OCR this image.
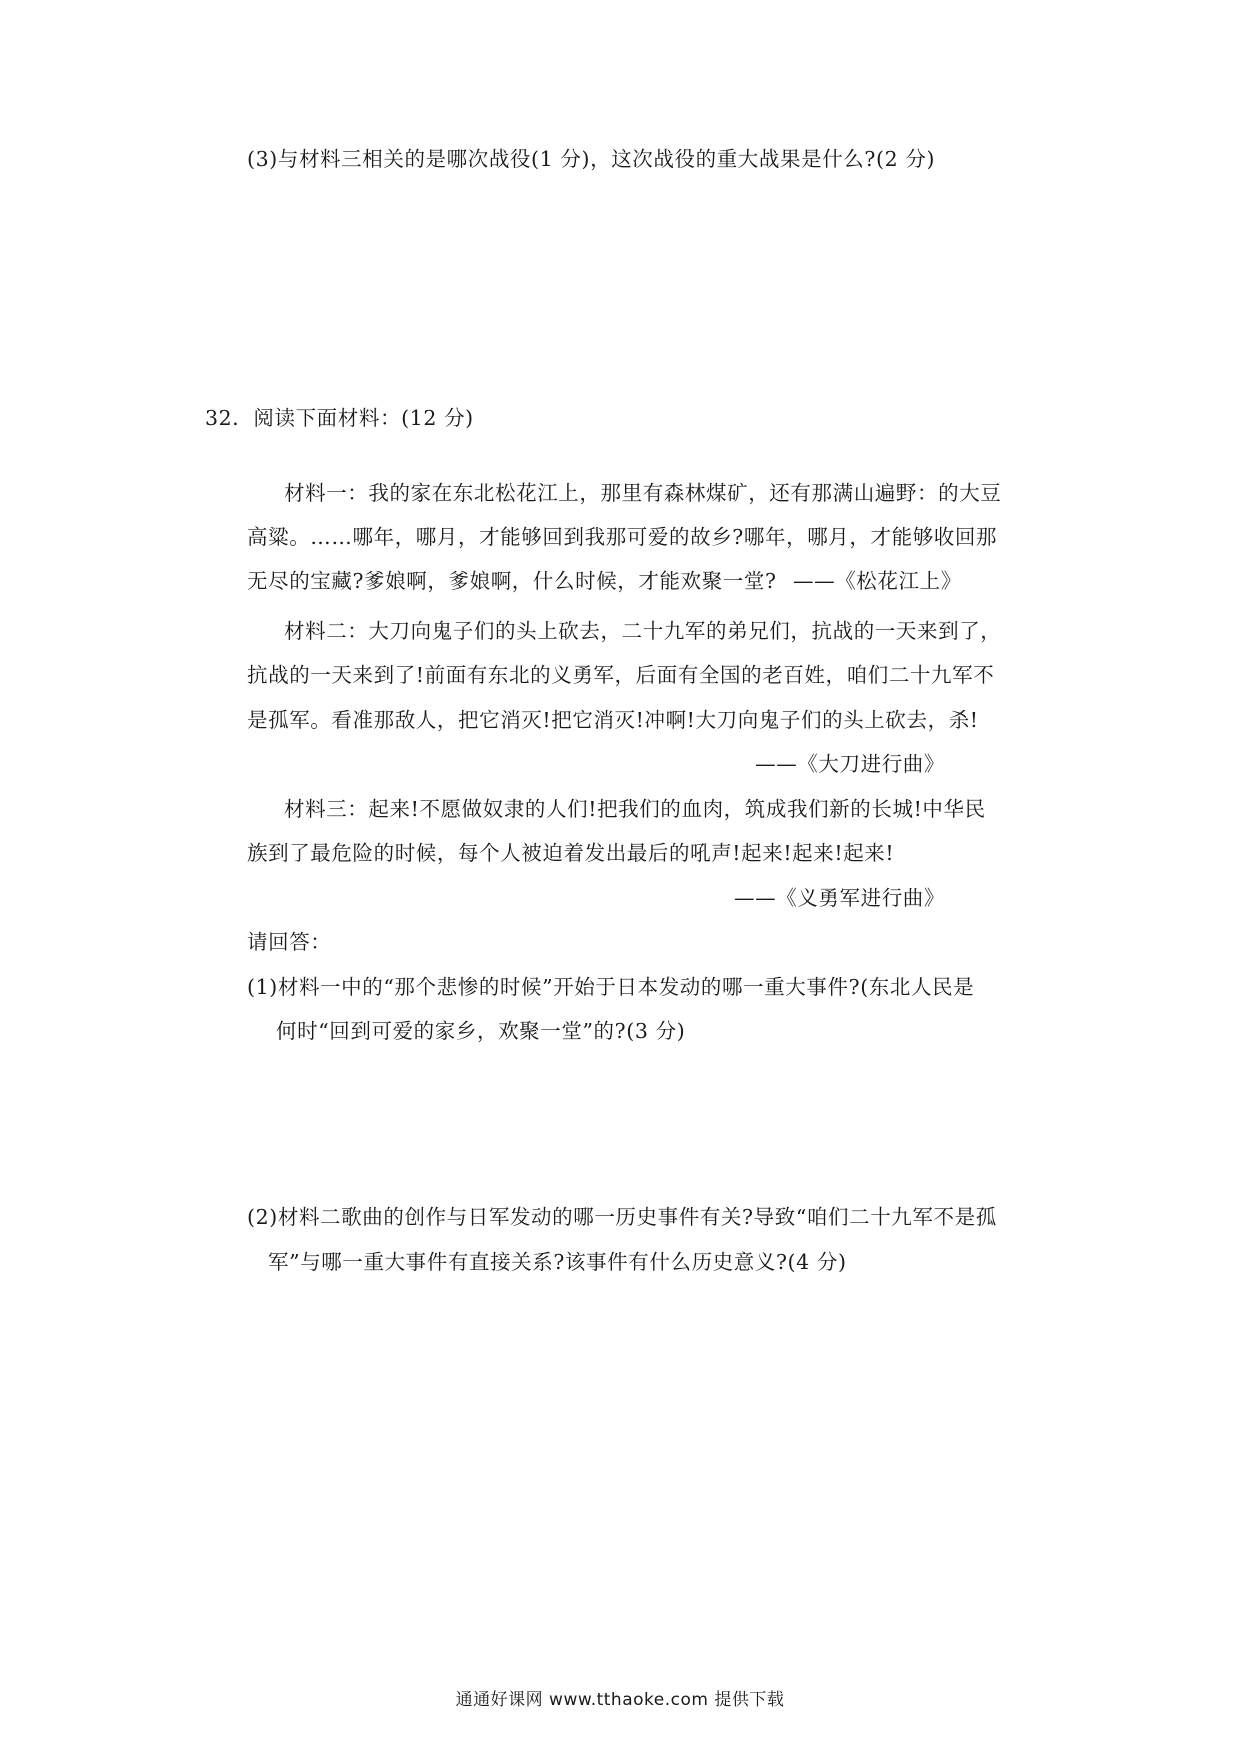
(3)与材料三相关的是哪次战役(1 分)，这次战役的重大战果是什么?(2 分)
32．阅读下面材料：(12 分)
材料一：我的家在东北松花江上，那里有森林煤矿，还有那满山遍野：的大豆
高粱。……哪年，哪月，才能够回到我那可爱的故乡?哪年，哪月，才能够收回那
无尽的宝藏?爹娘啊，爹娘啊，什么时候，才能欢聚一堂? ——《松花江上》
材料二：大刀向鬼子们的头上砍去，二十九军的弟兄们，抗战的一天来到了，
抗战的一天来到了!前面有东北的义勇军，后面有全国的老百姓，咱们二十九军不
是孤军。看准那敌人，把它消灭!把它消灭!冲啊!大刀向鬼子们的头上砍去，杀!
——《大刀进行曲》
材料三：起来!不愿做奴隶的人们!把我们的血肉，筑成我们新的长城!中华民
族到了最危险的时候，每个人被迫着发出最后的吼声!起来!起来!起来!
——《义勇军进行曲》
请回答：
(1)材料一中的“那个悲惨的时候”开始于日本发动的哪一重大事件?(东北人民是
何时“回到可爱的家乡，欢聚一堂”的?(3 分)
(2)材料二歌曲的创作与日军发动的哪一历史事件有关?导致“咱们二十九军不是孤
军”与哪一重大事件有直接关系?该事件有什么历史意义?(4 分)
通通好课网 www.tthaoke.com 提供下载
